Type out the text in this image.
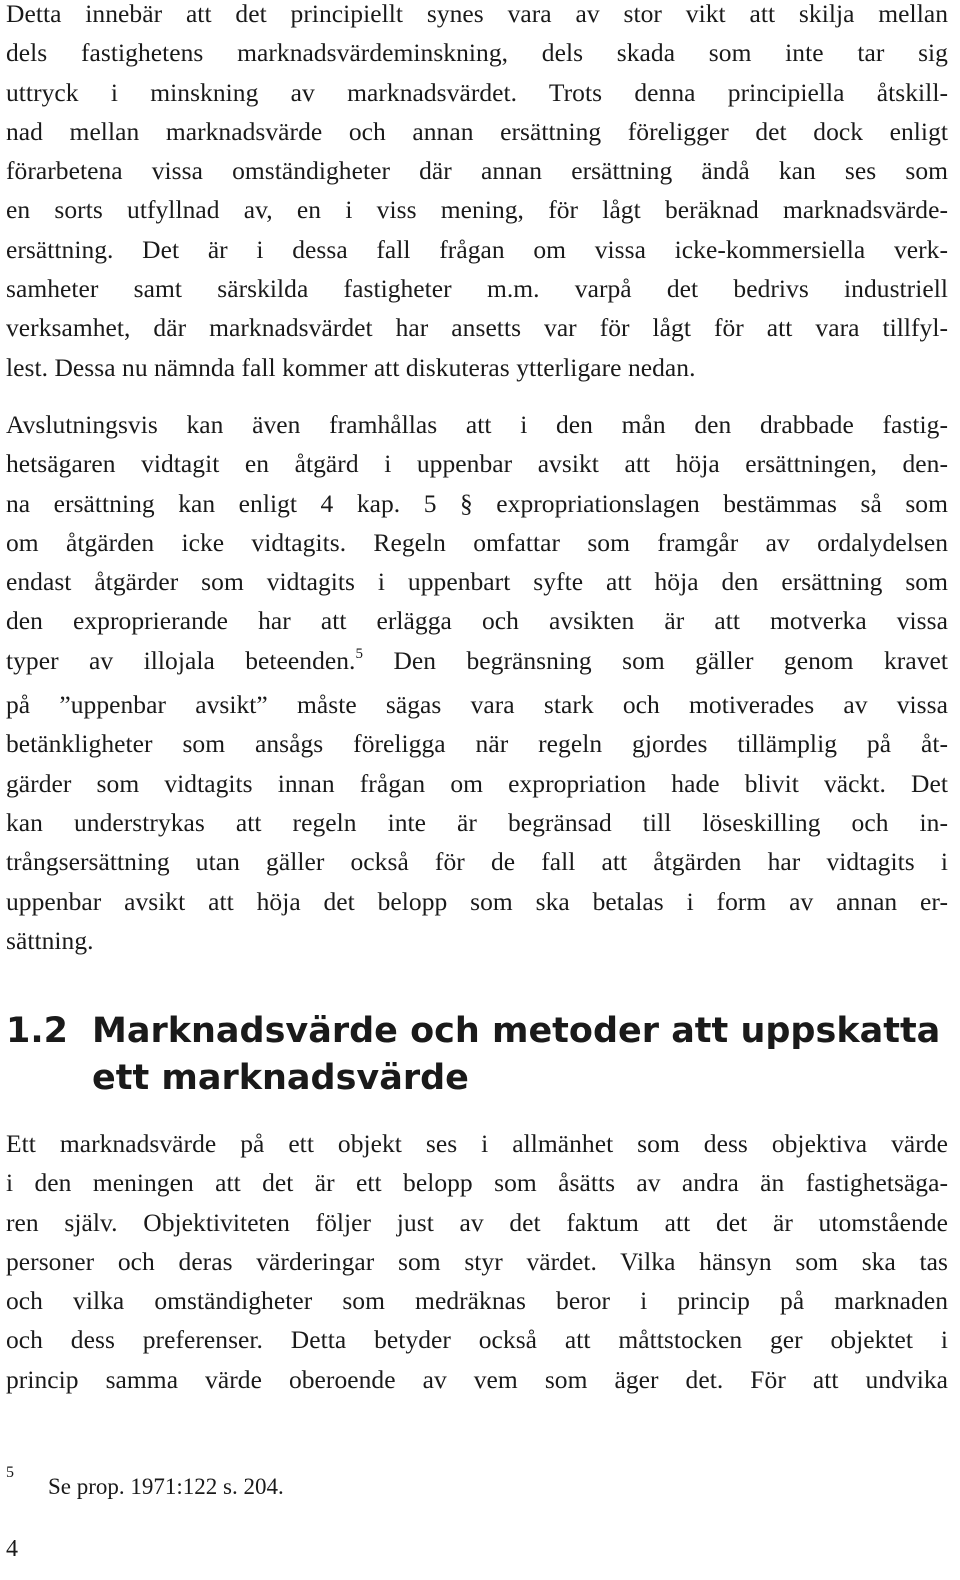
Detta innebär att det principiellt synes vara av stor vikt att skilja mellan
dels fastighetens marknadsvärdeminskning, dels skada som inte tar sig
uttryck i minskning av marknadsvärdet. Trots denna principiella åtskill-
nad mellan marknadsvärde och annan ersättning föreligger det dock enligt
förarbetena vissa omständigheter där annan ersättning ändå kan ses som
en sorts utfyllnad av, en i viss mening, för lågt beräknad marknadsvärde-
ersättning. Det är i dessa fall frågan om vissa icke-kommersiella verk-
samheter samt särskilda fastigheter m.m. varpå det bedrivs industriell
verksamhet, där marknadsvärdet har ansetts var för lågt för att vara tillfyl-
lest. Dessa nu nämnda fall kommer att diskuteras ytterligare nedan.
Avslutningsvis kan även framhållas att i den mån den drabbade fastig-
hetsägaren vidtagit en åtgärd i uppenbar avsikt att höja ersättningen, den-
na ersättning kan enligt 4 kap. 5 § expropriationslagen bestämmas så som
om åtgärden icke vidtagits. Regeln omfattar som framgår av ordalydelsen
endast åtgärder som vidtagits i uppenbart syfte att höja den ersättning som
den exproprierande har att erlägga och avsikten är att motverka vissa
typer av illojala beteenden.$^5$ Den begränsning som gäller genom kravet
på ”uppenbar avsikt” måste sägas vara stark och motiverades av vissa
betänkligheter som ansågs föreligga när regeln gjordes tillämplig på åt-
gärder som vidtagits innan frågan om expropriation hade blivit väckt. Det
kan understrykas att regeln inte är begränsad till löseskilling och in-
trångsersättning utan gäller också för de fall att åtgärden har vidtagits i
uppenbar avsikt att höja det belopp som ska betalas i form av annan er-
sättning.
1.2 Marknadsvärde och metoder att uppskatta
ett marknadsvärde
Ett marknadsvärde på ett objekt ses i allmänhet som dess objektiva värde
i den meningen att det är ett belopp som åsätts av andra än fastighetsäga-
ren själv. Objektiviteten följer just av det faktum att det är utomstående
personer och deras värderingar som styr värdet. Vilka hänsyn som ska tas
och vilka omständigheter som medräknas beror i princip på marknaden
och dess preferenser. Detta betyder också att måttstocken ger objektet i
princip samma värde oberoende av vem som äger det. För att undvika
5
Se prop. 1971:122 s. 204.
4
